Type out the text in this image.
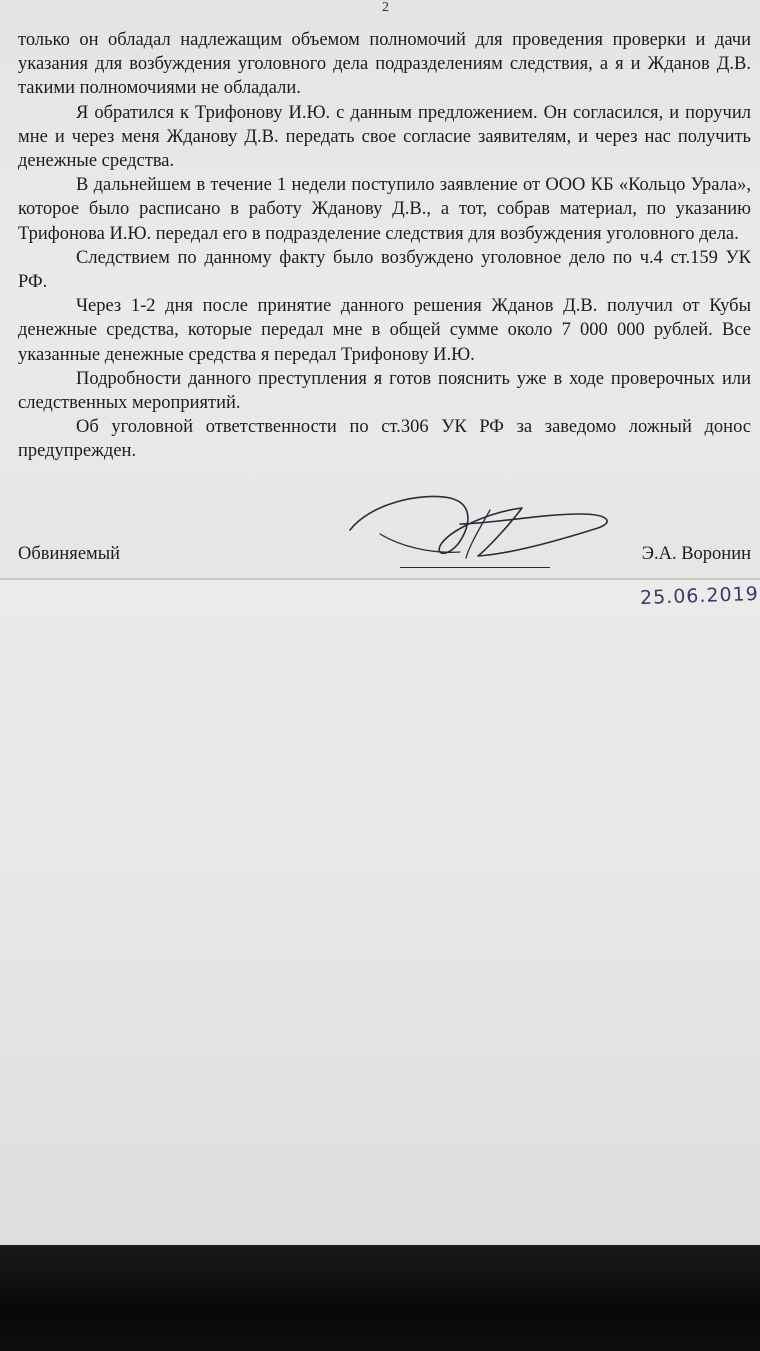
2

только он обладал надлежащим объемом полномочий для проведения проверки и дачи указания для возбуждения уголовного дела подразделениям следствия, а я и Жданов Д.В. такими полномочиями не обладали.

Я обратился к Трифонову И.Ю. с данным предложением. Он согласился, и поручил мне и через меня Жданову Д.В. передать свое согласие заявителям, и через нас получить денежные средства.

В дальнейшем в течение 1 недели поступило заявление от ООО КБ «Кольцо Урала», которое было расписано в работу Жданову Д.В., а тот, собрав материал, по указанию Трифонова И.Ю. передал его в подразделение следствия для возбуждения уголовного дела.

Следствием по данному факту было возбуждено уголовное дело по ч.4 ст.159 УК РФ.

Через 1-2 дня после принятие данного решения Жданов Д.В. получил от Кубы денежные средства, которые передал мне в общей сумме около 7 000 000 рублей. Все указанные денежные средства я передал Трифонову И.Ю.

Подробности данного преступления я готов пояснить уже в ходе проверочных или следственных мероприятий.

Об уголовной ответственности по ст.306 УК РФ за заведомо ложный донос предупрежден.

Обвиняемый	Э.А. Воронин
25.06.2019
